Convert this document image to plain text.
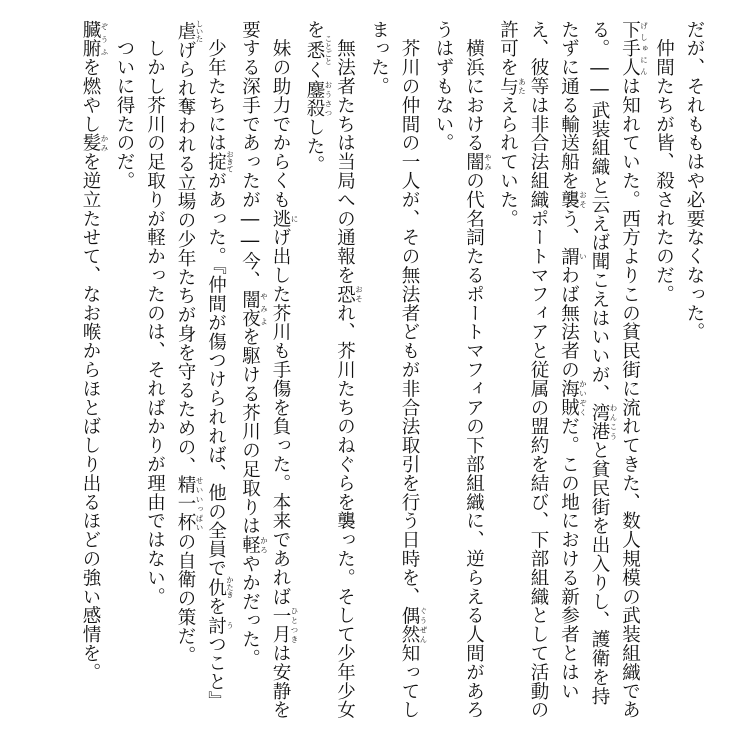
だが、それももはや必要なくなった。

　仲間たちが皆、殺されたのだ。

下手人 げしゅにんは知れていた。西方よりこの貧民街に流れてきた、数人規模の武装組織である。――武装組織と云えば聞こえはいいが、湾港 わんこうと貧民街を出入りし、護衛を持たずに通る輸送船を襲 おそう、謂 いわば無法者の海賊 かいぞくだ。この地における新参者とはいえ、彼等は非合法組織ポートマフィアと従属の盟約を結び、下部組織として活動の許可を与 あたえられていた。

　横浜における闇 やみの代名詞たるポートマフィアの下部組織に、逆らえる人間があろうはずもない。

　芥川の仲間の一人が、その無法者どもが非合法取引を行う日時を、偶然 ぐうぜん知ってしまった。

　無法者たちは当局への通報を恐 おそれ、芥川たちのねぐらを襲った。そして少年少女を悉 ことごとく鏖殺 おうさつした。

　妹の助力でからくも逃 にげ出した芥川も手傷を負った。本来であれば一月 ひとつきは安静を要する深手であったが――今、闇夜 やみよを駆ける芥川の足取りは軽 かろやかだった。

　少年たちには掟 おきてがあった。『仲間が傷つけられれば、他の全員で仇 かたきを討 うつこと』虐 しいたげられ奪われる立場の少年たちが身を守るための、精一杯 せいいっぱいの自衛の策だ。

　しかし芥川の足取りが軽かったのは、そればかりが理由ではない。

　ついに得たのだ。

臓腑 ぞうふを燃やし髪 かみを逆立たせて、なお喉からほとばしり出るほどの強い感情を。
